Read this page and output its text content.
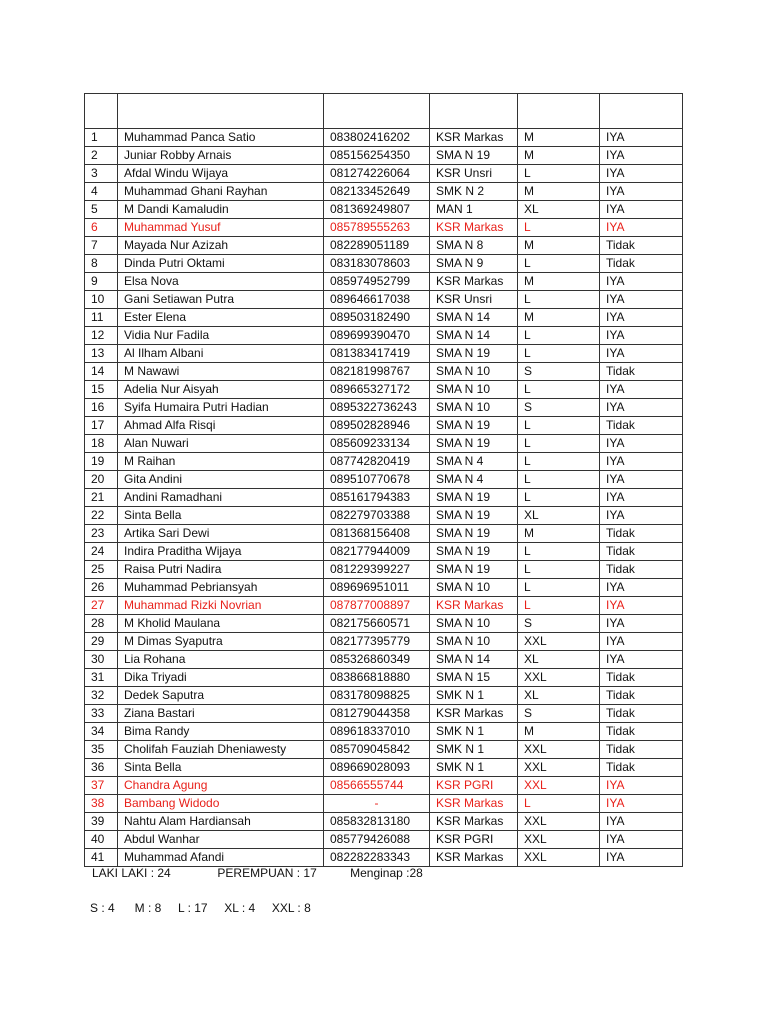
1	Muhammad Panca Satio	083802416202	KSR Markas	M	IYA
2	Juniar Robby Arnais	085156254350	SMA N 19	M	IYA
3	Afdal Windu Wijaya	081274226064	KSR Unsri	L	IYA
4	Muhammad Ghani Rayhan	082133452649	SMK N 2	M	IYA
5	M Dandi Kamaludin	081369249807	MAN 1	XL	IYA
6	Muhammad Yusuf	085789555263	KSR Markas	L	IYA
7	Mayada Nur Azizah	082289051189	SMA N 8	M	Tidak
8	Dinda Putri Oktami	083183078603	SMA N 9	L	Tidak
9	Elsa Nova	085974952799	KSR Markas	M	IYA
10	Gani Setiawan Putra	089646617038	KSR Unsri	L	IYA
11	Ester Elena	089503182490	SMA N 14	M	IYA
12	Vidia Nur Fadila	089699390470	SMA N 14	L	IYA
13	Al Ilham Albani	081383417419	SMA N 19	L	IYA
14	M Nawawi	082181998767	SMA N 10	S	Tidak
15	Adelia Nur Aisyah	089665327172	SMA N 10	L	IYA
16	Syifa Humaira Putri Hadian	0895322736243	SMA N 10	S	IYA
17	Ahmad Alfa Risqi	089502828946	SMA N 19	L	Tidak
18	Alan Nuwari	085609233134	SMA N 19	L	IYA
19	M Raihan	087742820419	SMA N 4	L	IYA
20	Gita Andini	089510770678	SMA N 4	L	IYA
21	Andini Ramadhani	085161794383	SMA N 19	L	IYA
22	Sinta Bella	082279703388	SMA N 19	XL	IYA
23	Artika Sari Dewi	081368156408	SMA N 19	M	Tidak
24	Indira Praditha Wijaya	082177944009	SMA N 19	L	Tidak
25	Raisa Putri Nadira	081229399227	SMA N 19	L	Tidak
26	Muhammad Pebriansyah	089696951011	SMA N 10	L	IYA
27	Muhammad Rizki Novrian	087877008897	KSR Markas	L	IYA
28	M Kholid Maulana	082175660571	SMA N 10	S	IYA
29	M Dimas Syaputra	082177395779	SMA N 10	XXL	IYA
30	Lia Rohana	085326860349	SMA N 14	XL	IYA
31	Dika Triyadi	083866818880	SMA N 15	XXL	Tidak
32	Dedek Saputra	083178098825	SMK N 1	XL	Tidak
33	Ziana Bastari	081279044358	KSR Markas	S	Tidak
34	Bima Randy	089618337010	SMK N 1	M	Tidak
35	Cholifah Fauziah Dheniawesty	085709045842	SMK N 1	XXL	Tidak
36	Sinta Bella	089669028093	SMK N 1	XXL	Tidak
37	Chandra Agung	08566555744	KSR PGRI	XXL	IYA
38	Bambang Widodo	-	KSR Markas	L	IYA
39	Nahtu Alam Hardiansah	085832813180	KSR Markas	XXL	IYA
40	Abdul Wanhar	085779426088	KSR PGRI	XXL	IYA
41	Muhammad Afandi	082282283343	KSR Markas	XXL	IYA
LAKI LAKI : 24              PEREMPUAN : 17          Menginap :28
S : 4      M : 8     L : 17     XL : 4     XXL : 8
